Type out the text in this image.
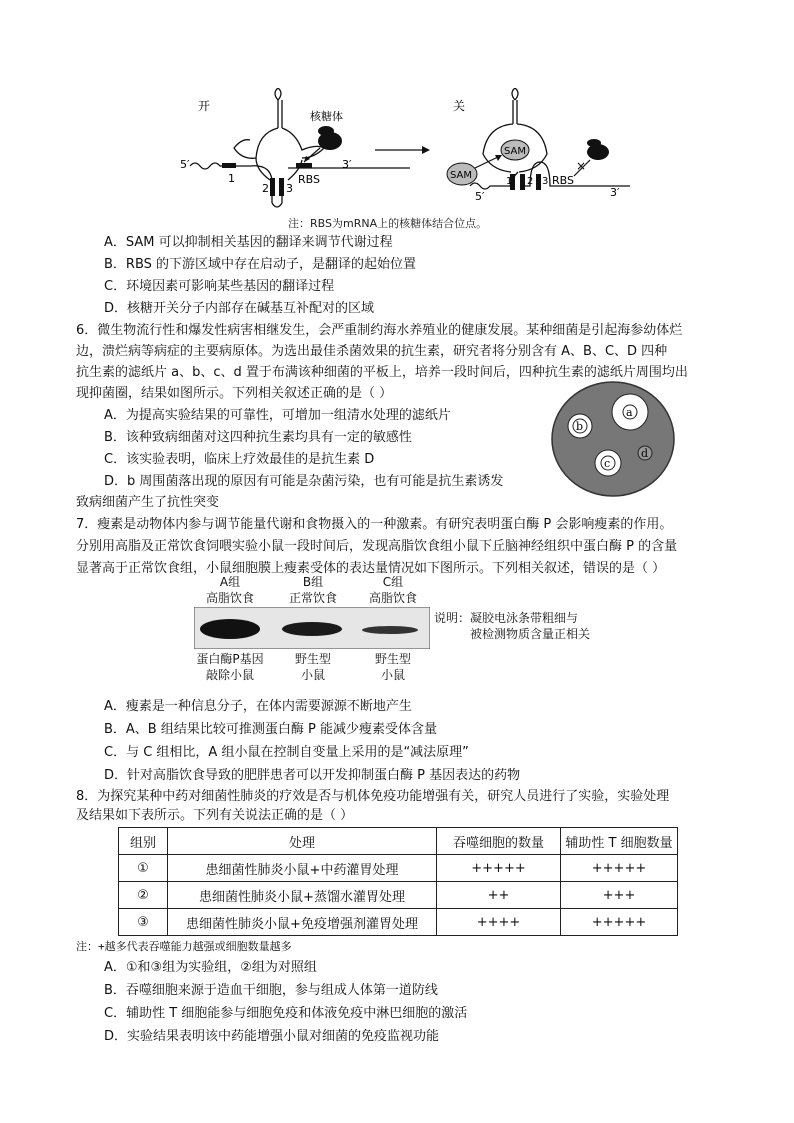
开
5′
1
2 3
RBS
3′
核糖体
关
SAM
SAM
5′
1 2 3 RBS
3′
×
注：RBS为mRNA上的核糖体结合位点。
A．SAM 可以抑制相关基因的翻译来调节代谢过程
B．RBS 的下游区域中存在启动子，是翻译的起始位置
C．环境因素可影响某些基因的翻译过程
D．核糖开关分子内部存在碱基互补配对的区域
6．微生物流行性和爆发性病害相继发生，会严重制约海水养殖业的健康发展。某种细菌是引起海参幼体烂
边，溃烂病等病症的主要病原体。为选出最佳杀菌效果的抗生素，研究者将分别含有 A、B、C、D 四种
抗生素的滤纸片 a、b、c、d 置于布满该种细菌的平板上，培养一段时间后，四种抗生素的滤纸片周围均出
现抑菌圈，结果如图所示。下列相关叙述正确的是（ ）
A．为提高实验结果的可靠性，可增加一组清水处理的滤纸片
B．该种致病细菌对这四种抗生素均具有一定的敏感性
C．该实验表明，临床上疗效最佳的是抗生素 D
D．b 周围菌落出现的原因有可能是杂菌污染，也有可能是抗生素诱发
致病细菌产生了抗性突变
a
b
c
d
7．瘦素是动物体内参与调节能量代谢和食物摄入的一种激素。有研究表明蛋白酶 P 会影响瘦素的作用。
分别用高脂及正常饮食饲喂实验小鼠一段时间后，发现高脂饮食组小鼠下丘脑神经组织中蛋白酶 P 的含量
显著高于正常饮食组，小鼠细胞膜上瘦素受体的表达量情况如下图所示。下列相关叙述，错误的是（ ）
A组
高脂饮食
B组
正常饮食
C组
高脂饮食
说明：凝胶电泳条带粗细与
被检测物质含量正相关
蛋白酶P基因
敲除小鼠
野生型
小鼠
野生型
小鼠
A．瘦素是一种信息分子，在体内需要源源不断地产生
B．A、B 组结果比较可推测蛋白酶 P 能减少瘦素受体含量
C．与 C 组相比，A 组小鼠在控制自变量上采用的是“减法原理”
D．针对高脂饮食导致的肥胖患者可以开发抑制蛋白酶 P 基因表达的药物
8．为探究某种中药对细菌性肺炎的疗效是否与机体免疫功能增强有关，研究人员进行了实验，实验处理
及结果如下表所示。下列有关说法正确的是（ ）
组别	处理	吞噬细胞的数量	辅助性 T 细胞数量
①	患细菌性肺炎小鼠+中药灌胃处理	+++++	+++++
②	患细菌性肺炎小鼠+蒸馏水灌胃处理	++	+++
③	患细菌性肺炎小鼠+免疫增强剂灌胃处理	++++	+++++
注：+越多代表吞噬能力越强或细胞数量越多
A．①和③组为实验组，②组为对照组
B．吞噬细胞来源于造血干细胞，参与组成人体第一道防线
C．辅助性 T 细胞能参与细胞免疫和体液免疫中淋巴细胞的激活
D．实验结果表明该中药能增强小鼠对细菌的免疫监视功能
